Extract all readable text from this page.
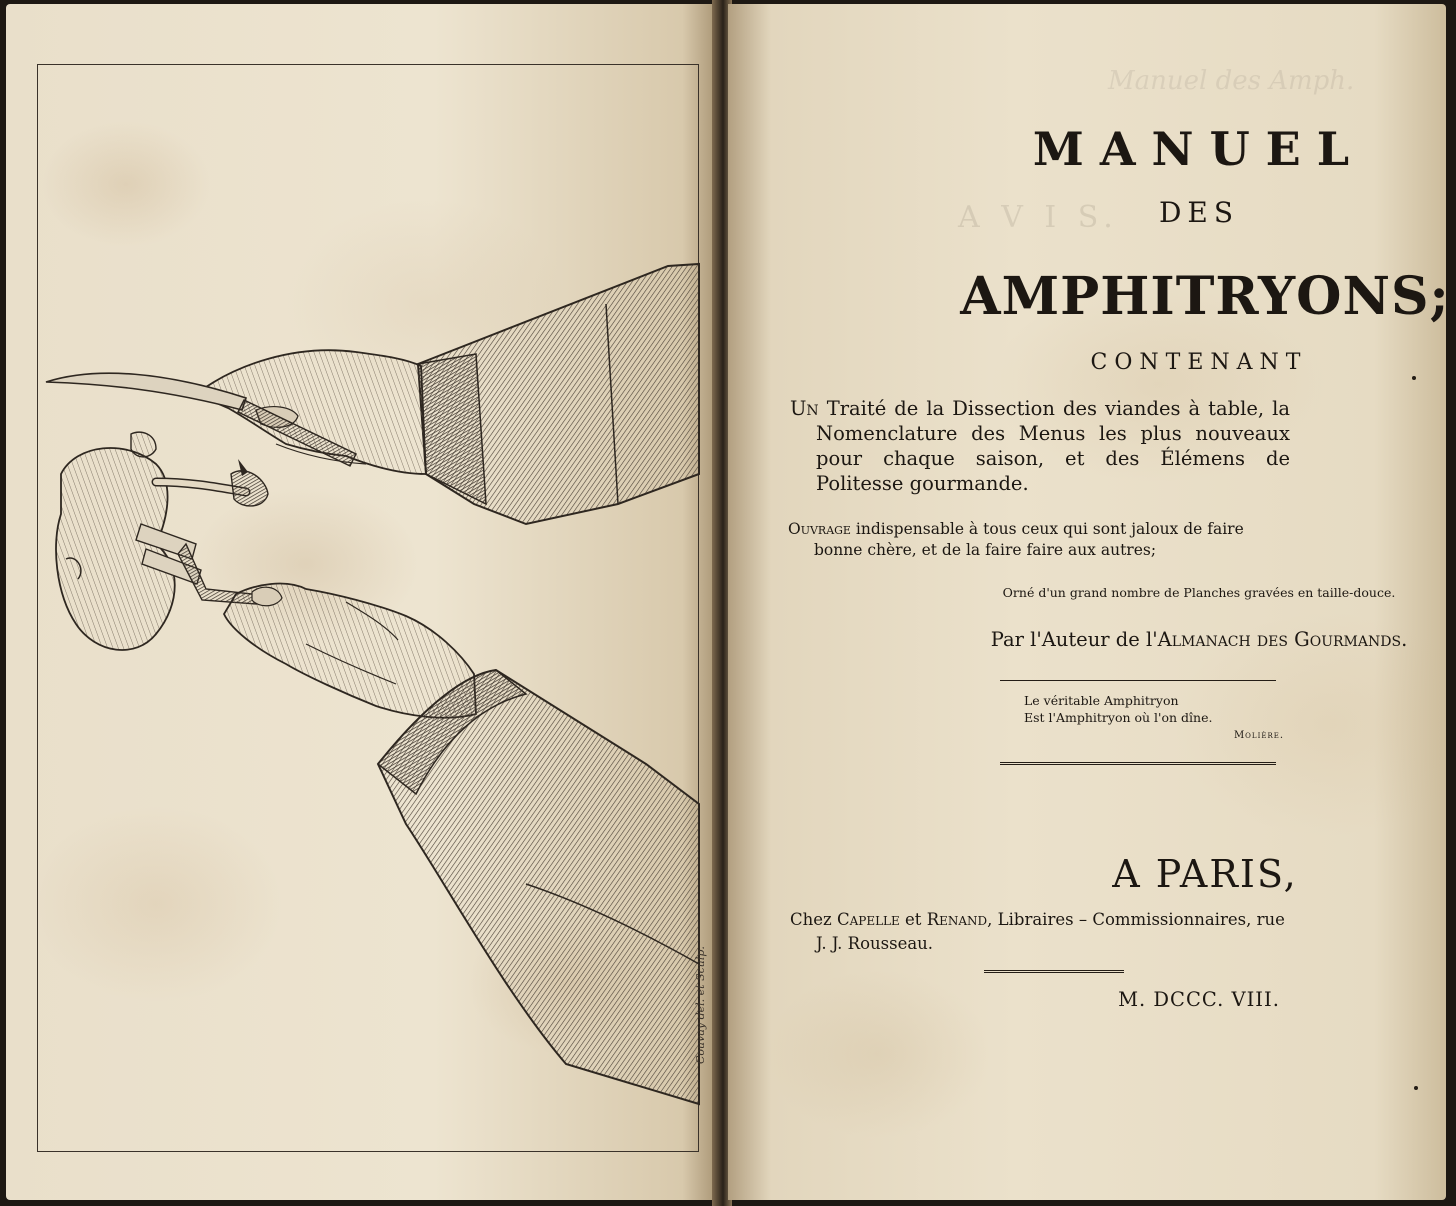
Couvay del. et Sculp.
Manuel des Amph.
A V I S.
MANUEL
DES
AMPHITRYONS;
CONTENANT
Un Traité de la Dissection des viandes à table, la Nomenclature des Menus les plus nouveaux pour chaque saison, et des Élémens de Politesse gourmande.
Ouvrage indispensable à tous ceux qui sont jaloux de faire bonne chère, et de la faire faire aux autres;
Orné d'un grand nombre de Planches gravées en taille-douce.
Par l'Auteur de l'Almanach des Gourmands.
Le véritable Amphitryon
Est l'Amphitryon où l'on dîne.
Molière.
A PARIS,
Chez Capelle et Renand, Libraires – Commissionnaires, rue J. J. Rousseau.
M. DCCC. VIII.
